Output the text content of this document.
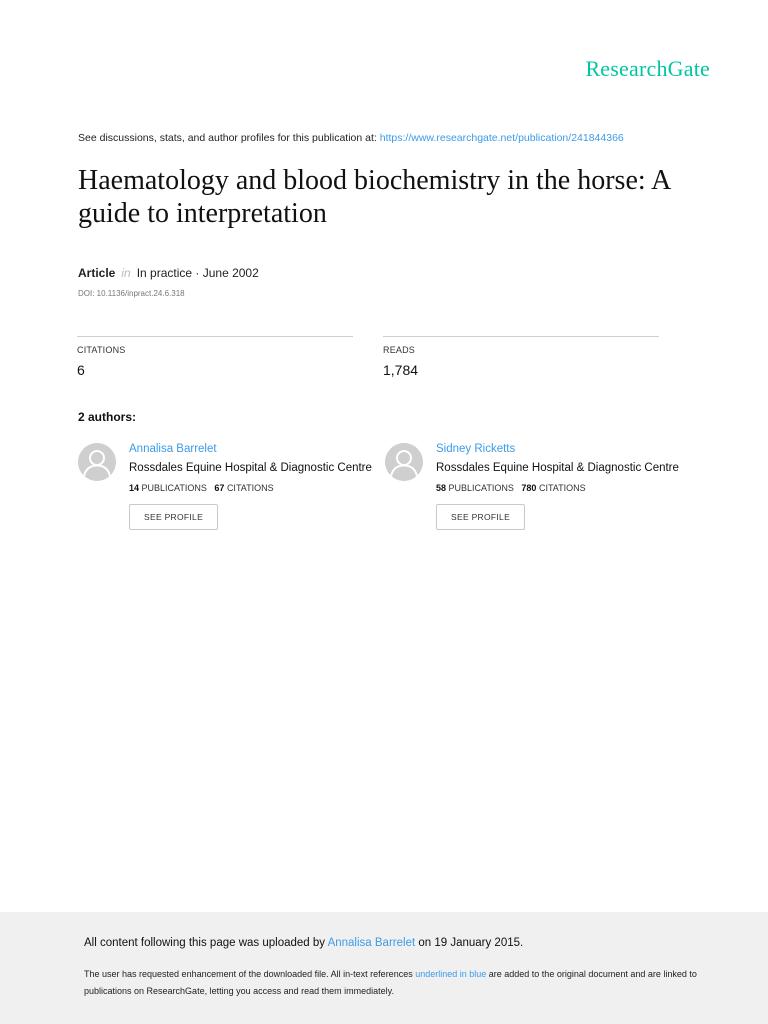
ResearchGate
See discussions, stats, and author profiles for this publication at: https://www.researchgate.net/publication/241844366
Haematology and blood biochemistry in the horse: A guide to interpretation
Article in In practice · June 2002
DOI: 10.1136/inpract.24.6.318
CITATIONS
6
READS
1,784
2 authors:
Annalisa Barrelet
Rossdales Equine Hospital & Diagnostic Centre
14 PUBLICATIONS 67 CITATIONS
SEE PROFILE
Sidney Ricketts
Rossdales Equine Hospital & Diagnostic Centre
58 PUBLICATIONS 780 CITATIONS
SEE PROFILE
All content following this page was uploaded by Annalisa Barrelet on 19 January 2015.
The user has requested enhancement of the downloaded file. All in-text references underlined in blue are added to the original document and are linked to publications on ResearchGate, letting you access and read them immediately.
